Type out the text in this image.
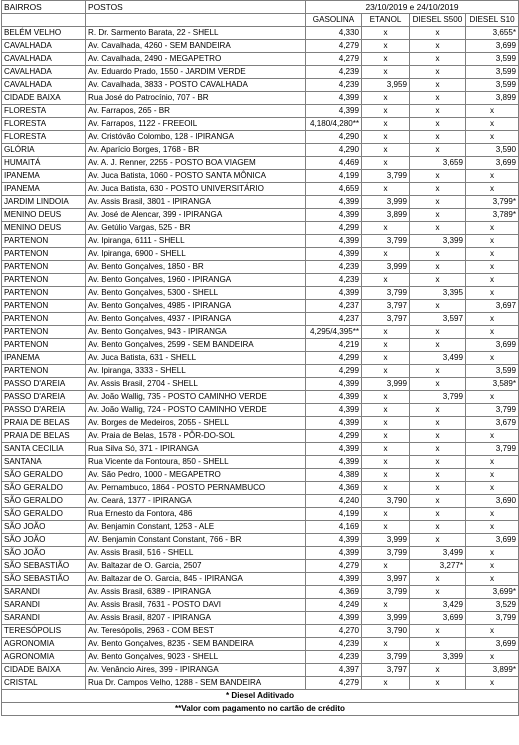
BAIRROS	POSTOS	23/10/2019 e 24/10/2019			
		GASOLINA	ETANOL	DIESEL S500	DIESEL S10
BELÉM VELHO	R. Dr. Sarmento Barata, 22 - SHELL	4,330	x	x	3,655*
CAVALHADA	Av. Cavalhada, 4260 - SEM BANDEIRA	4,279	x	x	3,699
CAVALHADA	Av. Cavalhada, 2490 - MEGAPETRO	4,279	x	x	3,599
CAVALHADA	Av. Eduardo Prado, 1550 - JARDIM VERDE	4,239	x	x	3,599
CAVALHADA	Av. Cavalhada, 3833 - POSTO CAVALHADA	4,239	3,959	x	3,599
CIDADE BAIXA	Rua José do Patrocínio, 707 - BR	4,399	x	x	3,899
FLORESTA	Av. Farrapos, 265 - BR	4,399	x	x	x
FLORESTA	Av. Farrapos, 1122 - FREEOIL	4,180/4,280**	x	x	x
FLORESTA	Av. Cristóvão Colombo, 128 - IPIRANGA	4,290	x	x	x
GLÓRIA	Av. Aparício Borges, 1768 - BR	4,290	x	x	3,590
HUMAITÁ	Av. A. J. Renner, 2255 - POSTO BOA VIAGEM	4,469	x	3,659	3,699
IPANEMA	Av. Juca Batista, 1060 - POSTO SANTA MÔNICA	4,199	3,799	x	x
IPANEMA	Av. Juca Batista, 630 - POSTO UNIVERSITÁRIO	4,659	x	x	x
JARDIM LINDOIA	Av. Assis Brasil, 3801 - IPIRANGA	4,399	3,999	x	3,799*
MENINO DEUS	Av. José de Alencar, 399 - IPIRANGA	4,399	3,899	x	3,789*
MENINO DEUS	Av. Getúlio Vargas, 525 - BR	4,299	x	x	x
PARTENON	Av. Ipiranga, 6111 - SHELL	4,399	3,799	3,399	x
PARTENON	Av. Ipiranga, 6900 - SHELL	4,399	x	x	x
PARTENON	Av. Bento Gonçalves, 1850 - BR	4,239	3,999	x	x
PARTENON	Av. Bento Gonçalves, 1960 - IPIRANGA	4,239	x	x	x
PARTENON	Av. Bento Gonçalves, 5300 - SHELL	4,399	3,799	3,395	x
PARTENON	Av. Bento Gonçalves, 4985 - IPIRANGA	4,237	3,797	x	3,697
PARTENON	Av. Bento Gonçalves, 4937 - IPIRANGA	4,237	3,797	3,597	x
PARTENON	Av. Bento Gonçalves, 943 - IPIRANGA	4,295/4,395**	x	x	x
PARTENON	Av. Bento Gonçalves, 2599 - SEM BANDEIRA	4,219	x	x	3,699
IPANEMA	Av. Juca Batista, 631 - SHELL	4,299	x	3,499	x
PARTENON	Av. Ipiranga, 3333 - SHELL	4,299	x	x	3,599
PASSO D'AREIA	Av. Assis Brasil, 2704 - SHELL	4,399	3,999	x	3,589*
PASSO D'AREIA	Av. João Wallig, 735 - POSTO CAMINHO VERDE	4,399	x	3,799	x
PASSO D'AREIA	Av. João Wallig, 724 - POSTO CAMINHO VERDE	4,399	x	x	3,799
PRAIA DE BELAS	Av. Borges de Medeiros, 2055 - SHELL	4,399	x	x	3,679
PRAIA DE BELAS	Av. Praia de Belas, 1578 - PÔR-DO-SOL	4,299	x	x	x
SANTA CECILIA	Rua Silva Só, 371 - IPIRANGA	4,399	x	x	3,799
SANTANA	Rua Vicente da Fontoura, 850 - SHELL	4,399	x	x	x
SÃO GERALDO	Av. São Pedro, 1000 - MEGAPETRO	4,389	x	x	x
SÃO GERALDO	Av. Pernambuco, 1864 - POSTO PERNAMBUCO	4,369	x	x	x
SÃO GERALDO	Av. Ceará, 1377 - IPIRANGA	4,240	3,790	x	3,690
SÃO GERALDO	Rua Ernesto da Fontora, 486	4,199	x	x	x
SÃO JOÃO	Av. Benjamin Constant, 1253 - ALE	4,169	x	x	x
SÃO JOÃO	AV. Benjamin Constant Constant, 766 - BR	4,399	3,999	x	3,699
SÃO JOÃO	Av. Assis Brasil, 516 - SHELL	4,399	3,799	3,499	x
SÃO SEBASTIÃO	Av. Baltazar de O. Garcia, 2507	4,279	x	3,277*	x
SÃO SEBASTIÃO	Av. Baltazar de O. Garcia, 845 - IPIRANGA	4,399	3,997	x	x
SARANDI	Av. Assis Brasil, 6389 - IPIRANGA	4,369	3,799	x	3,699*
SARANDI	Av. Assis Brasil, 7631 - POSTO DAVI	4,249	x	3,429	3,529
SARANDI	Av. Assis Brasil, 8207 - IPIRANGA	4,399	3,999	3,699	3,799
TERESÓPOLIS	Av. Teresópolis, 2963 - COM BEST	4,270	3,790	x	x
AGRONOMIA	Av. Bento Gonçalves, 8235 - SEM BANDEIRA	4,239	x	x	3,699
AGRONOMIA	Av. Bento Gonçalves, 9023 - SHELL	4,239	3,799	3,399	x
CIDADE BAIXA	Av. Venâncio Aires, 399 - IPIRANGA	4,397	3,797	x	3,899*
CRISTAL	Rua Dr. Campos Velho, 1288 - SEM BANDEIRA	4,279	x	x	x
* Diesel Aditivado
**Valor com pagamento no cartão de crédito
